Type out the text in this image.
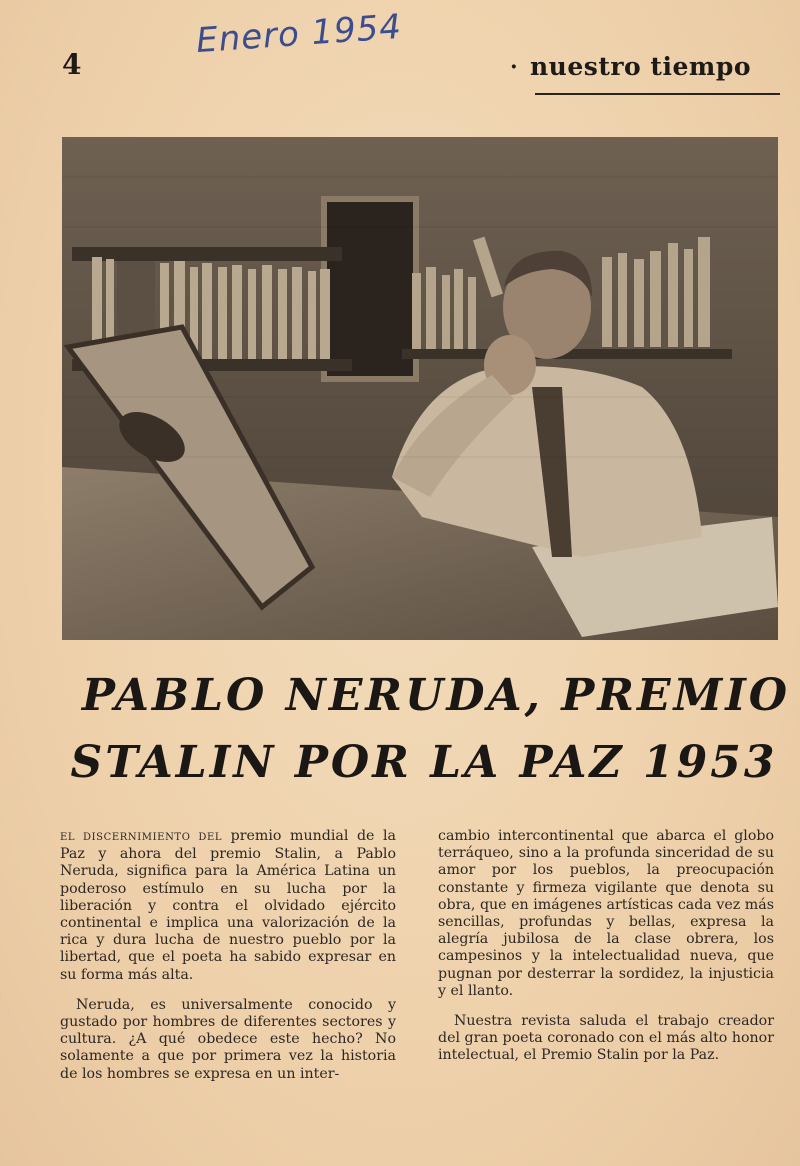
Enero 1954
4	· nuestro tiempo
PABLO NERUDA, PREMIO
STALIN POR LA PAZ 1953

EL DISCERNIMIENTO DEL premio mundial de la Paz y ahora del premio Stalin, a Pablo Neruda, significa para la América Latina un poderoso estímulo en su lucha por la liberación y contra el olvidado ejército continental e implica una valorización de la rica y dura lucha de nuestro pueblo por la libertad, que el poeta ha sabido expresar en su forma más alta.

Neruda, es universalmente conocido y gustado por hombres de diferentes sectores y cultura. ¿A qué obedece este hecho? No solamente a que por primera vez la historia de los hombres se expresa en un inter-

cambio intercontinental que abarca el globo terráqueo, sino a la profunda sinceridad de su amor por los pueblos, la preocupación constante y firmeza vigilante que denota su obra, que en imágenes artísticas cada vez más sencillas, profundas y bellas, expresa la alegría jubilosa de la clase obrera, los campesinos y la intelectualidad nueva, que pugnan por desterrar la sordidez, la injusticia y el llanto.

Nuestra revista saluda el trabajo creador del gran poeta coronado con el más alto honor intelectual, el Premio Stalin por la Paz.
